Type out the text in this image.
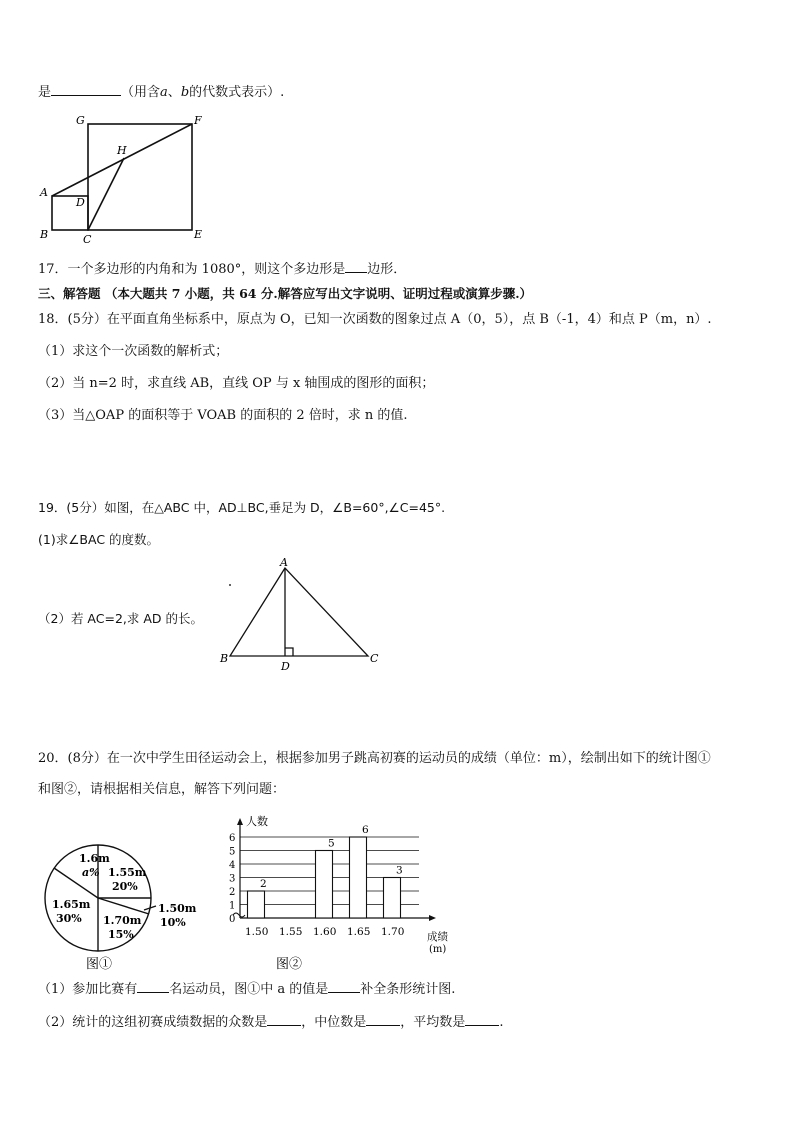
是	（用含a、b的代数式表示）.
G	F
H
A
D
B	C	E
17．一个多边形的内角和为 1080°，则这个多边形是 边形．
三、解答题 （本大题共 7 小题，共 64 分.解答应写出文字说明、证明过程或演算步骤.）
18．(5分）在平面直角坐标系中，原点为 O，已知一次函数的图象过点 A（0，5），点 B（-1，4）和点 P（m，n）.
（1）求这个一次函数的解析式；
（2）当 n=2 时，求直线 AB，直线 OP 与 x 轴围成的图形的面积；
（3）当△OAP 的面积等于 VOAB 的面积的 2 倍时，求 n 的值.
19．(5分）如图，在△ABC 中，AD⊥BC,垂足为 D，∠B=60°,∠C=45°.
(1)求∠BAC 的度数。
（2）若 AC=2,求 AD 的长。
A
B
D
C
20．(8分）在一次中学生田径运动会上，根据参加男子跳高初赛的运动员的成绩（单位：m），绘制出如下的统计图①
和图②，请根据相关信息，解答下列问题：
1.6m
a% 1.55m
20%
1.50m
10%
1.70m
15%
1.65m
30%
图①
0
1
2
3
4
5
6
人数
1.50
2
1.55 1.60
5
1.65
6
1.70
3
成绩
(m)
图②
（1）参加比赛有 名运动员，图①中 a 的值是 补全条形统计图.
（2）统计的这组初赛成绩数据的众数是	，中位数是	，平均数是	.
